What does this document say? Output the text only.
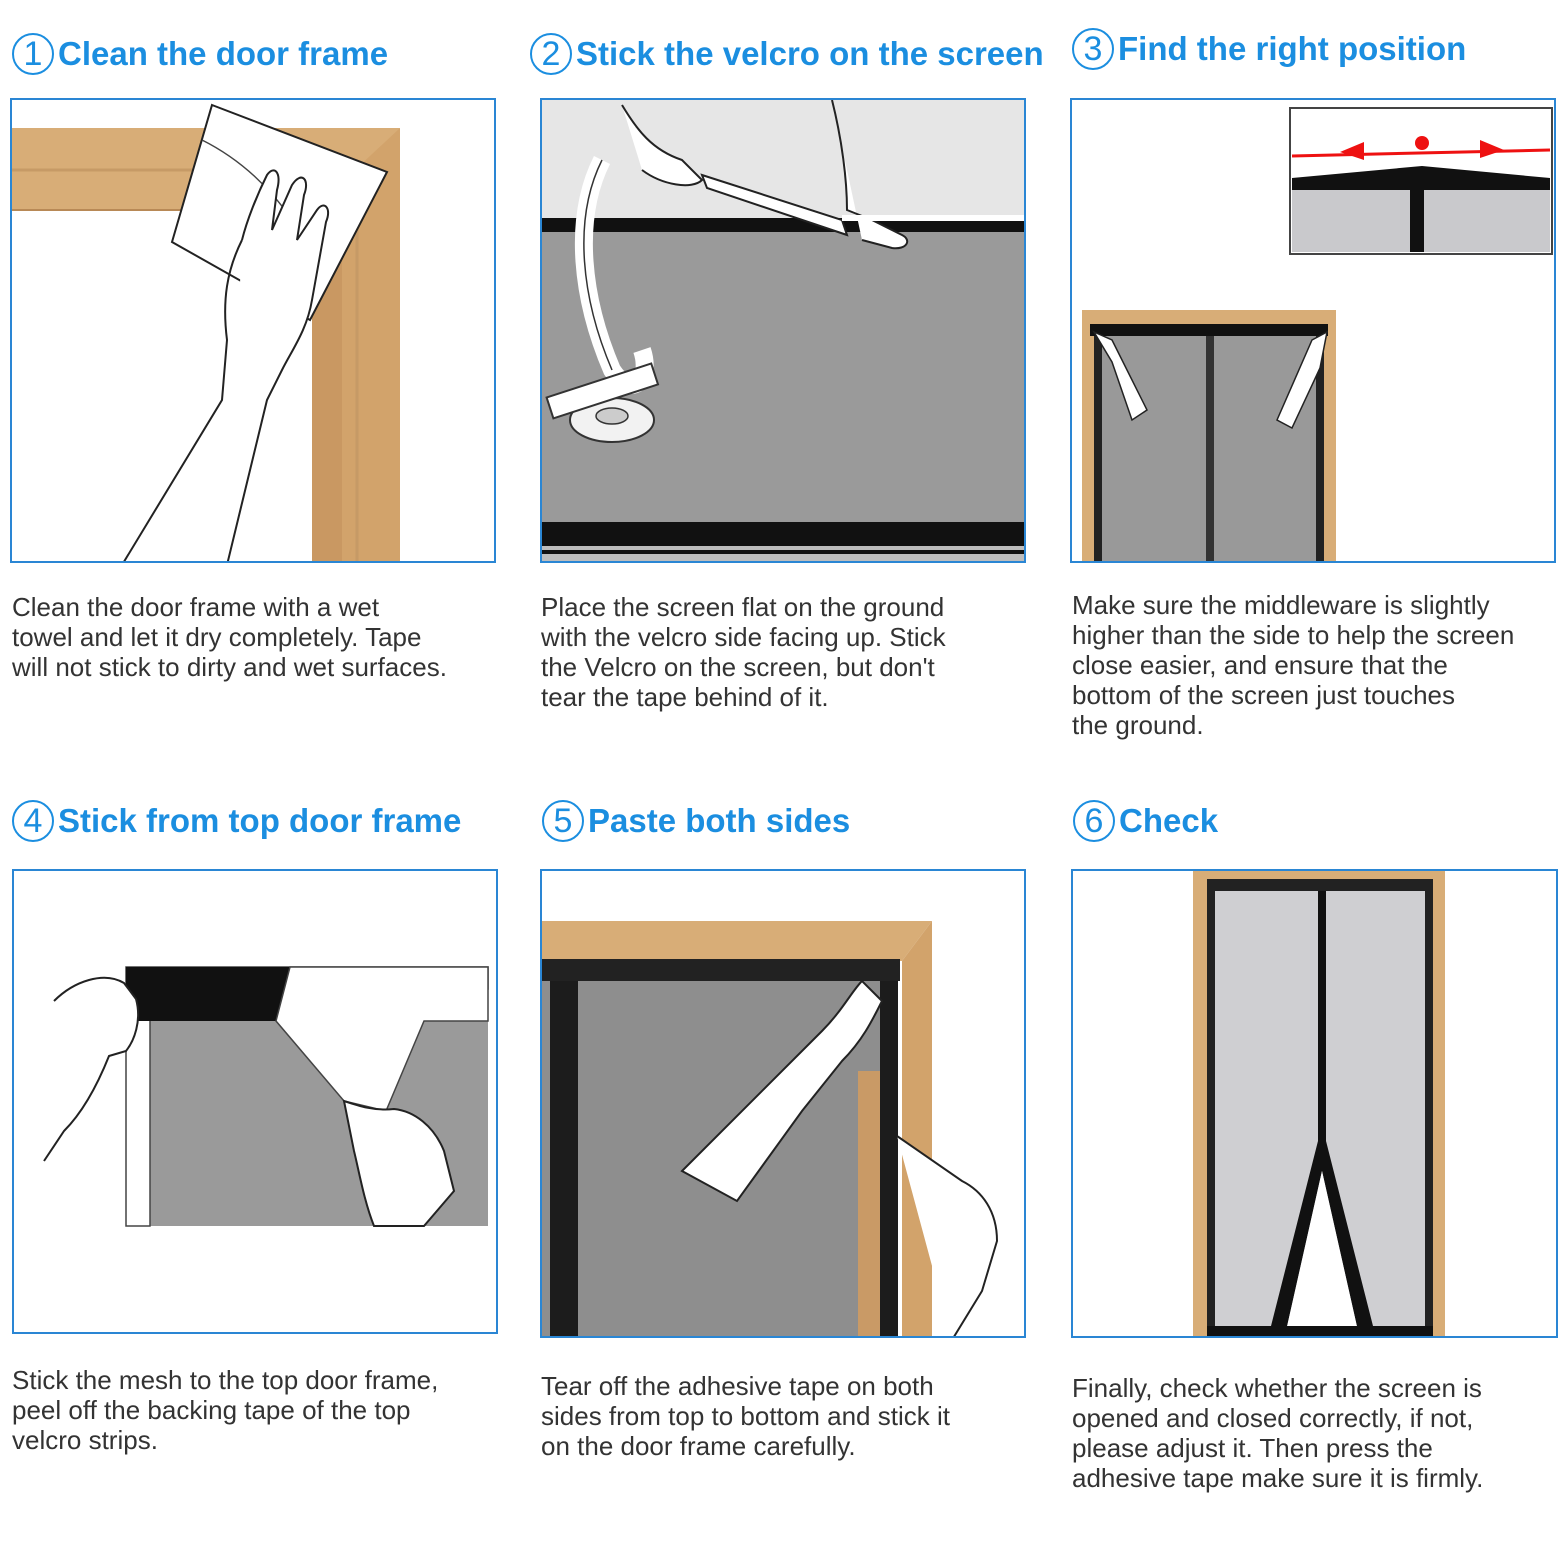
1 Clean the door frame
Clean the door frame with a wet
towel and let it dry completely. Tape
will not stick to dirty and wet surfaces.
2 Stick the velcro on the screen
Place the screen flat on the ground
with the velcro side facing up. Stick
the Velcro on the screen, but don't
tear the tape behind of it.
3 Find the right position
Make sure the middleware is slightly
higher than the side to help the screen
close easier, and ensure that the
bottom of the screen just touches
the ground.
4 Stick from top door frame
Stick the mesh to the top door frame,
peel off the backing tape of the top
velcro strips.
5 Paste both sides
Tear off the adhesive tape on both
sides from top to bottom and stick it
on the door frame carefully.
6 Check
Finally, check whether the screen is
opened and closed correctly, if not,
please adjust it. Then press the
adhesive tape make sure it is firmly.
